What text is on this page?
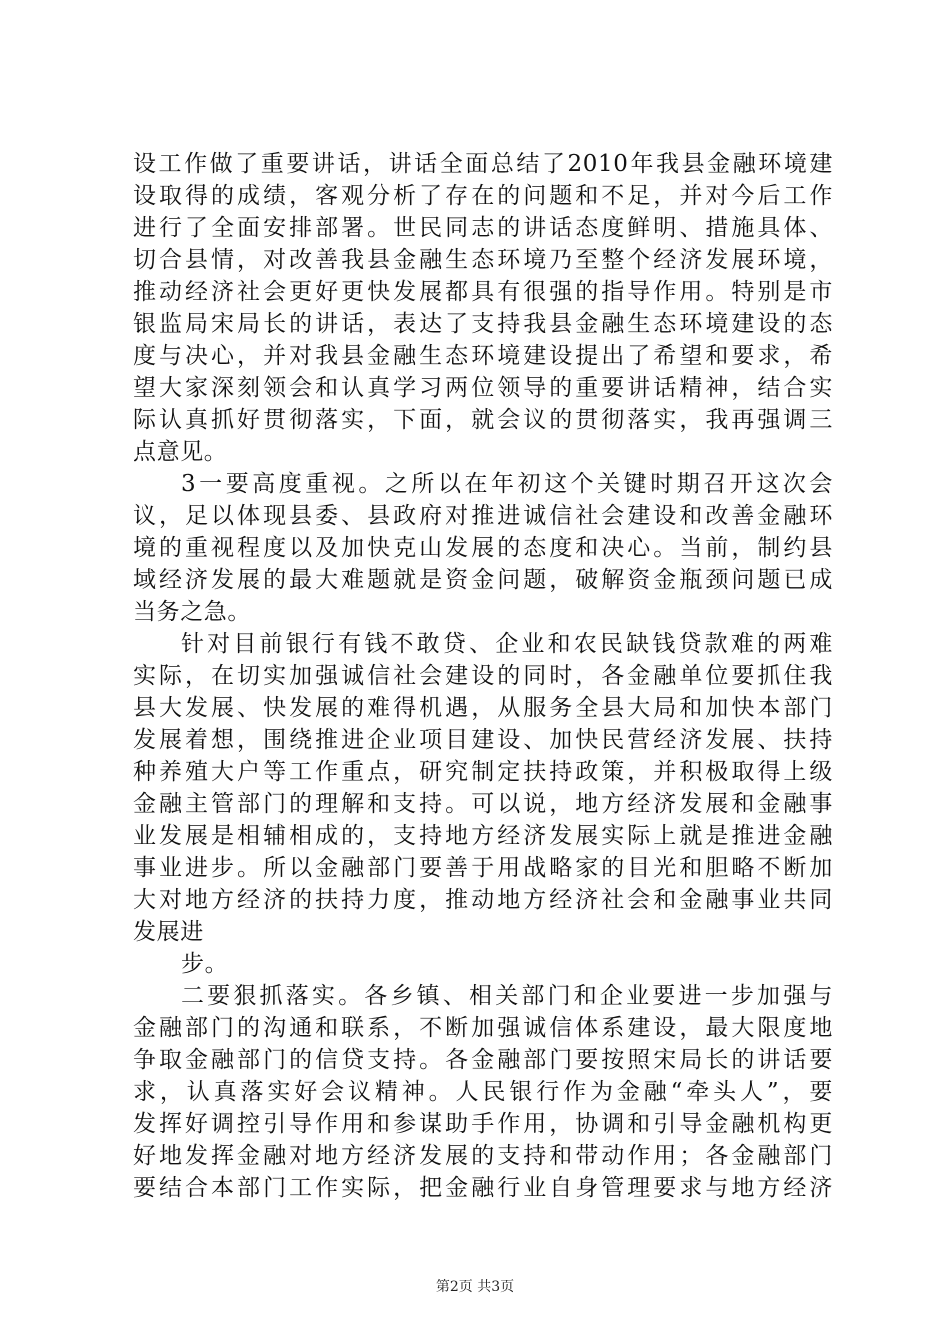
设工作做了重要讲话，讲话全面总结了2010年我县金融环境建
设取得的成绩，客观分析了存在的问题和不足，并对今后工作
进行了全面安排部署。世民同志的讲话态度鲜明、措施具体、
切合县情，对改善我县金融生态环境乃至整个经济发展环境，
推动经济社会更好更快发展都具有很强的指导作用。特别是市
银监局宋局长的讲话，表达了支持我县金融生态环境建设的态
度与决心，并对我县金融生态环境建设提出了希望和要求，希
望大家深刻领会和认真学习两位领导的重要讲话精神，结合实
际认真抓好贯彻落实，下面，就会议的贯彻落实，我再强调三
点意见。
3一要高度重视。之所以在年初这个关键时期召开这次会
议，足以体现县委、县政府对推进诚信社会建设和改善金融环
境的重视程度以及加快克山发展的态度和决心。当前，制约县
域经济发展的最大难题就是资金问题，破解资金瓶颈问题已成
当务之急。
针对目前银行有钱不敢贷、企业和农民缺钱贷款难的两难
实际，在切实加强诚信社会建设的同时，各金融单位要抓住我
县大发展、快发展的难得机遇，从服务全县大局和加快本部门
发展着想，围绕推进企业项目建设、加快民营经济发展、扶持
种养殖大户等工作重点，研究制定扶持政策，并积极取得上级
金融主管部门的理解和支持。可以说，地方经济发展和金融事
业发展是相辅相成的，支持地方经济发展实际上就是推进金融
事业进步。所以金融部门要善于用战略家的目光和胆略不断加
大对地方经济的扶持力度，推动地方经济社会和金融事业共同
发展进
步。
二要狠抓落实。各乡镇、相关部门和企业要进一步加强与
金融部门的沟通和联系，不断加强诚信体系建设，最大限度地
争取金融部门的信贷支持。各金融部门要按照宋局长的讲话要
求，认真落实好会议精神。人民银行作为金融“牵头人”，要
发挥好调控引导作用和参谋助手作用，协调和引导金融机构更
好地发挥金融对地方经济发展的支持和带动作用；各金融部门
要结合本部门工作实际，把金融行业自身管理要求与地方经济
第2页 共3页
